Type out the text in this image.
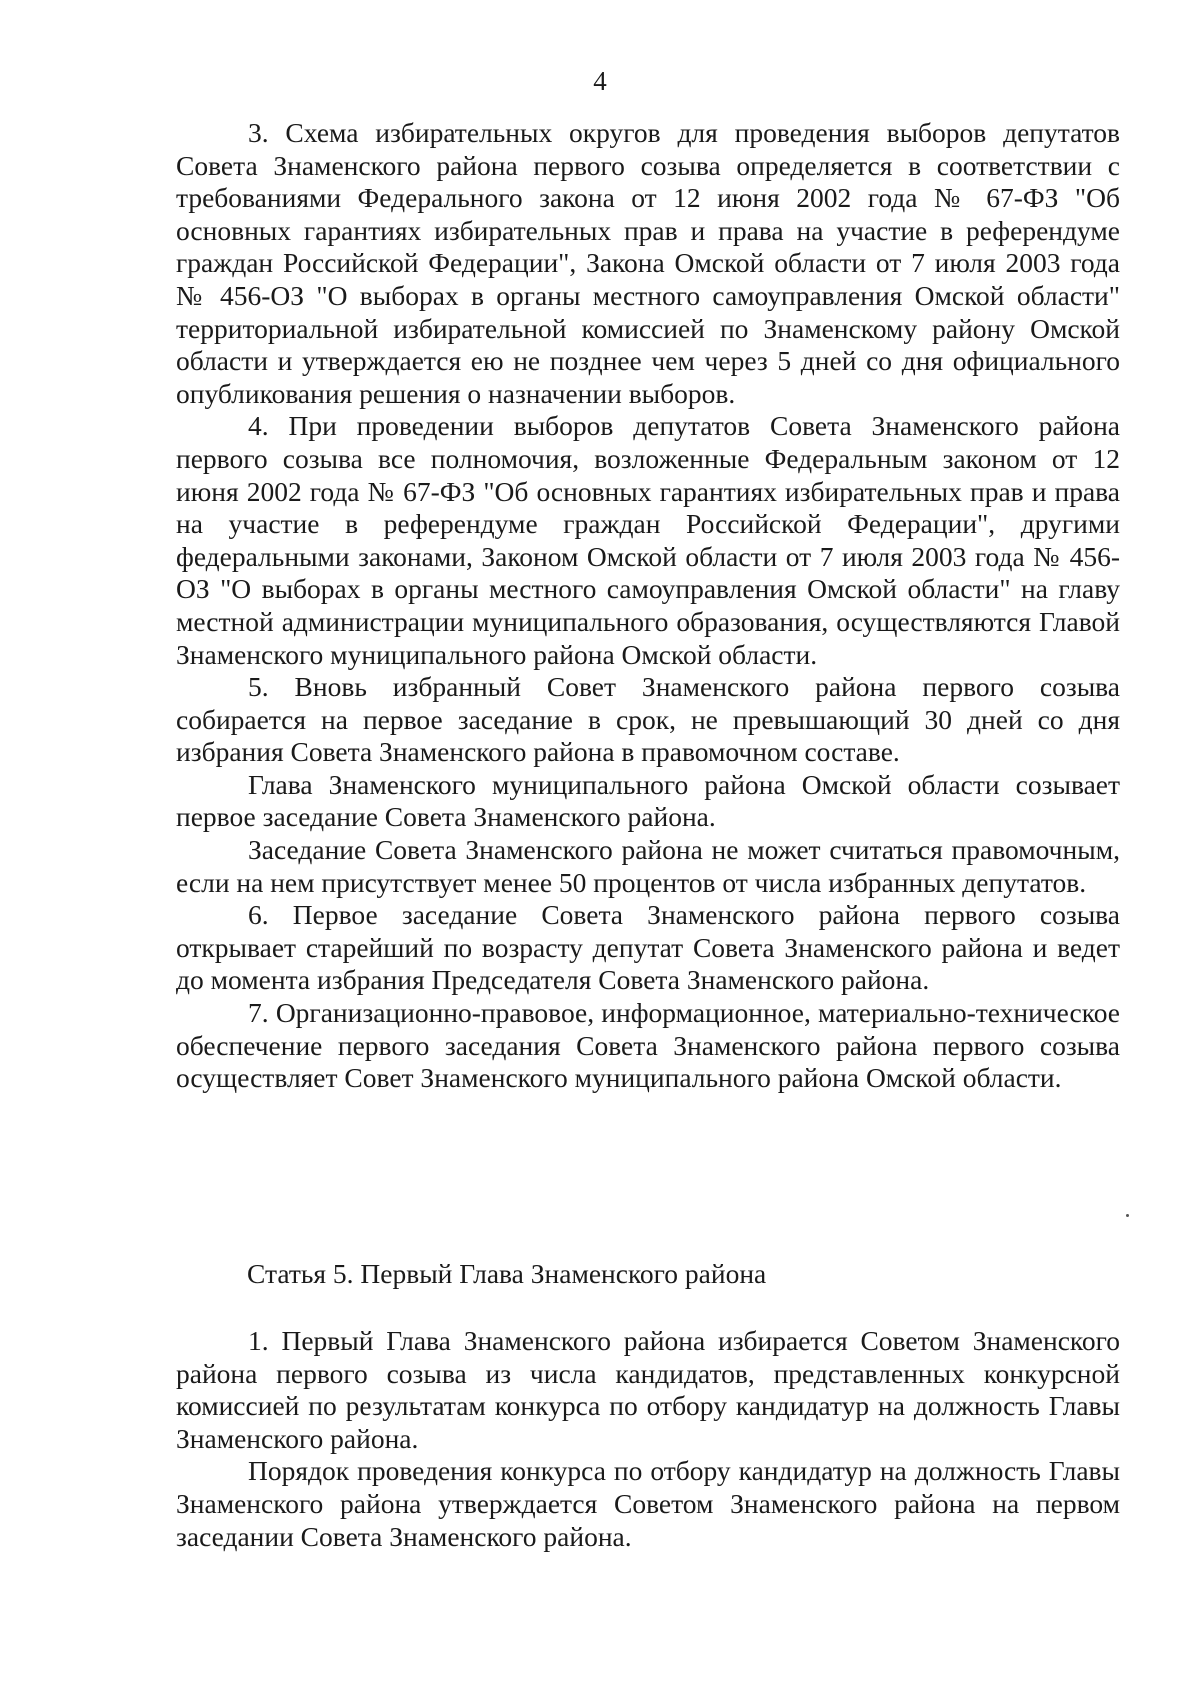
4

3. Схема избирательных округов для проведения выборов депутатов Совета Знаменского района первого созыва определяется в соответствии с требованиями Федерального закона от 12 июня 2002 года № 67-ФЗ "Об основных гарантиях избирательных прав и права на участие в референдуме граждан Российской Федерации", Закона Омской области от 7 июля 2003 года № 456-ОЗ "О выборах в органы местного самоуправления Омской области" территориальной избирательной комиссией по Знаменскому району Омской области и утверждается ею не позднее чем через 5 дней со дня официального опубликования решения о назначении выборов.

4. При проведении выборов депутатов Совета Знаменского района первого созыва все полномочия, возложенные Федеральным законом от 12 июня 2002 года № 67-ФЗ "Об основных гарантиях избирательных прав и права на участие в референдуме граждан Российской Федерации", другими федеральными законами, Законом Омской области от 7 июля 2003 года № 456-ОЗ "О выборах в органы местного самоуправления Омской области" на главу местной администрации муниципального образования, осуществляются Главой Знаменского муниципального района Омской области.

5. Вновь избранный Совет Знаменского района первого созыва собирается на первое заседание в срок, не превышающий 30 дней со дня избрания Совета Знаменского района в правомочном составе.

Глава Знаменского муниципального района Омской области созывает первое заседание Совета Знаменского района.

Заседание Совета Знаменского района не может считаться правомочным, если на нем присутствует менее 50 процентов от числа избранных депутатов.

6. Первое заседание Совета Знаменского района первого созыва открывает старейший по возрасту депутат Совета Знаменского района и ведет до момента избрания Председателя Совета Знаменского района.

7. Организационно-правовое, информационное, материально-техническое обеспечение первого заседания Совета Знаменского района первого созыва осуществляет Совет Знаменского муниципального района Омской области.

Статья 5. Первый Глава Знаменского района

1. Первый Глава Знаменского района избирается Советом Знаменского района первого созыва из числа кандидатов, представленных конкурсной комиссией по результатам конкурса по отбору кандидатур на должность Главы Знаменского района.

Порядок проведения конкурса по отбору кандидатур на должность Главы Знаменского района утверждается Советом Знаменского района на первом заседании Совета Знаменского района.
